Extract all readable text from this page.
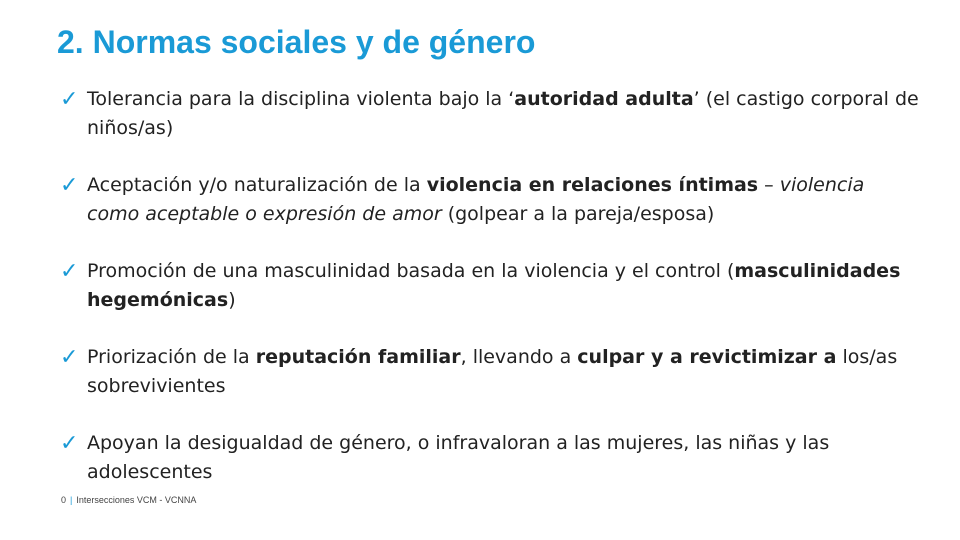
2. Normas sociales y de género
✓ Tolerancia para la disciplina violenta bajo la ‘autoridad adulta’ (el castigo corporal de niños/as)
✓ Aceptación y/o naturalización de la violencia en relaciones íntimas – violencia como aceptable o expresión de amor (golpear a la pareja/esposa)
✓ Promoción de una masculinidad basada en la violencia y el control (masculinidades hegemónicas)
✓ Priorización de la reputación familiar, llevando a culpar y a revictimizar a los/as sobrevivientes
✓ Apoyan la desigualdad de género, o infravaloran a las mujeres, las niñas y las adolescentes
0 | Intersecciones VCM - VCNNA
